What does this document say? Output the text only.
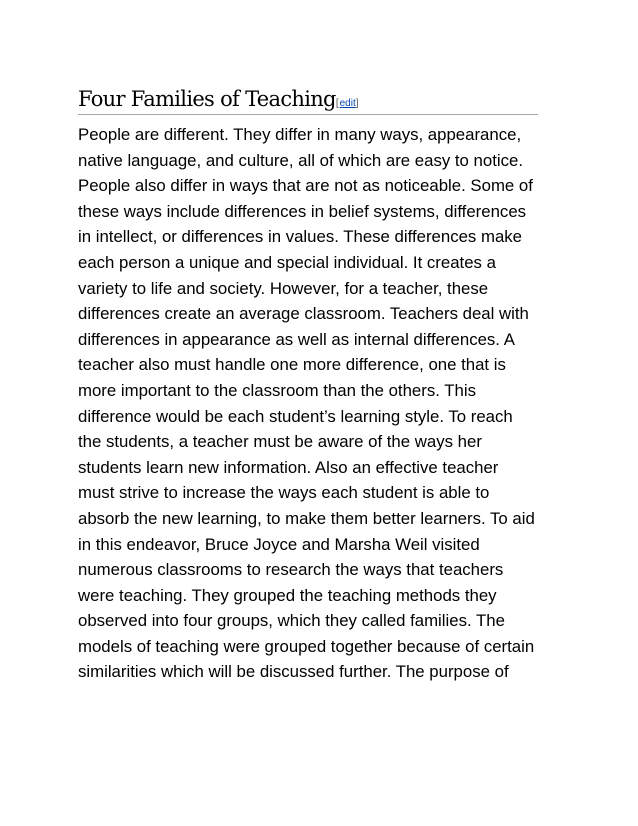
Four Families of Teaching[edit]

People are different. They differ in many ways, appearance,
native language, and culture, all of which are easy to notice.
People also differ in ways that are not as noticeable. Some of
these ways include differences in belief systems, differences
in intellect, or differences in values. These differences make
each person a unique and special individual. It creates a
variety to life and society. However, for a teacher, these
differences create an average classroom. Teachers deal with
differences in appearance as well as internal differences. A
teacher also must handle one more difference, one that is
more important to the classroom than the others. This
difference would be each student’s learning style. To reach
the students, a teacher must be aware of the ways her
students learn new information. Also an effective teacher
must strive to increase the ways each student is able to
absorb the new learning, to make them better learners. To aid
in this endeavor, Bruce Joyce and Marsha Weil visited
numerous classrooms to research the ways that teachers
were teaching. They grouped the teaching methods they
observed into four groups, which they called families. The
models of teaching were grouped together because of certain
similarities which will be discussed further. The purpose of
